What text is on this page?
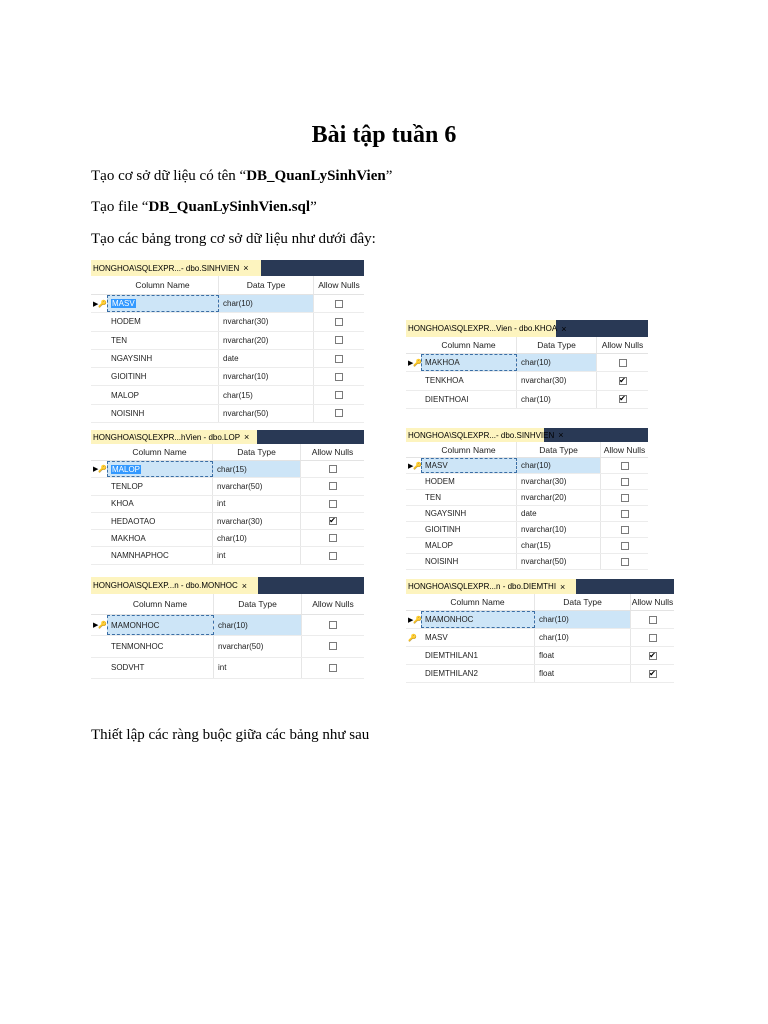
Bài tập tuần 6
Tạo cơ sở dữ liệu có tên “DB_QuanLySinhVien”
Tạo file “DB_QuanLySinhVien.sql”
Tạo các bảng trong cơ sở dữ liệu như dưới đây:
Thiết lập các ràng buộc giữa các bảng như sau
HONGHOA\SQLEXPR...- dbo.SINHVIEN ×
Column Name	Data Type	Allow Nulls
▶🔑 MASV	char(10)
HODEM	nvarchar(30)
TEN	nvarchar(20)
NGAYSINH	date
GIOITINH	nvarchar(10)
MALOP	char(15)
NOISINH	nvarchar(50)
HONGHOA\SQLEXPR...Vien - dbo.KHOA ×
Column Name	Data Type	Allow Nulls
▶🔑 MAKHOA	char(10)
TENKHOA	nvarchar(30)	✔
DIENTHOAI	char(10)	✔
HONGHOA\SQLEXPR...hVien - dbo.LOP ×
Column Name	Data Type	Allow Nulls
▶🔑 MALOP	char(15)
TENLOP	nvarchar(50)
KHOA	int
HEDAOTAO	nvarchar(30)	✔
MAKHOA	char(10)
NAMNHAPHOC	int
HONGHOA\SQLEXPR...- dbo.SINHVIEN ×
Column Name	Data Type	Allow Nulls
▶🔑 MASV	char(10)
HODEM	nvarchar(30)
TEN	nvarchar(20)
NGAYSINH	date
GIOITINH	nvarchar(10)
MALOP	char(15)
NOISINH	nvarchar(50)
HONGHOA\SQLEXP...n - dbo.MONHOC ×
Column Name	Data Type	Allow Nulls
▶🔑 MAMONHOC	char(10)
TENMONHOC	nvarchar(50)
SODVHT	int
HONGHOA\SQLEXPR...n - dbo.DIEMTHI ×
Column Name	Data Type	Allow Nulls
▶🔑 MAMONHOC	char(10)
🔑 MASV	char(10)
DIEMTHILAN1	float	✔
DIEMTHILAN2	float	✔
